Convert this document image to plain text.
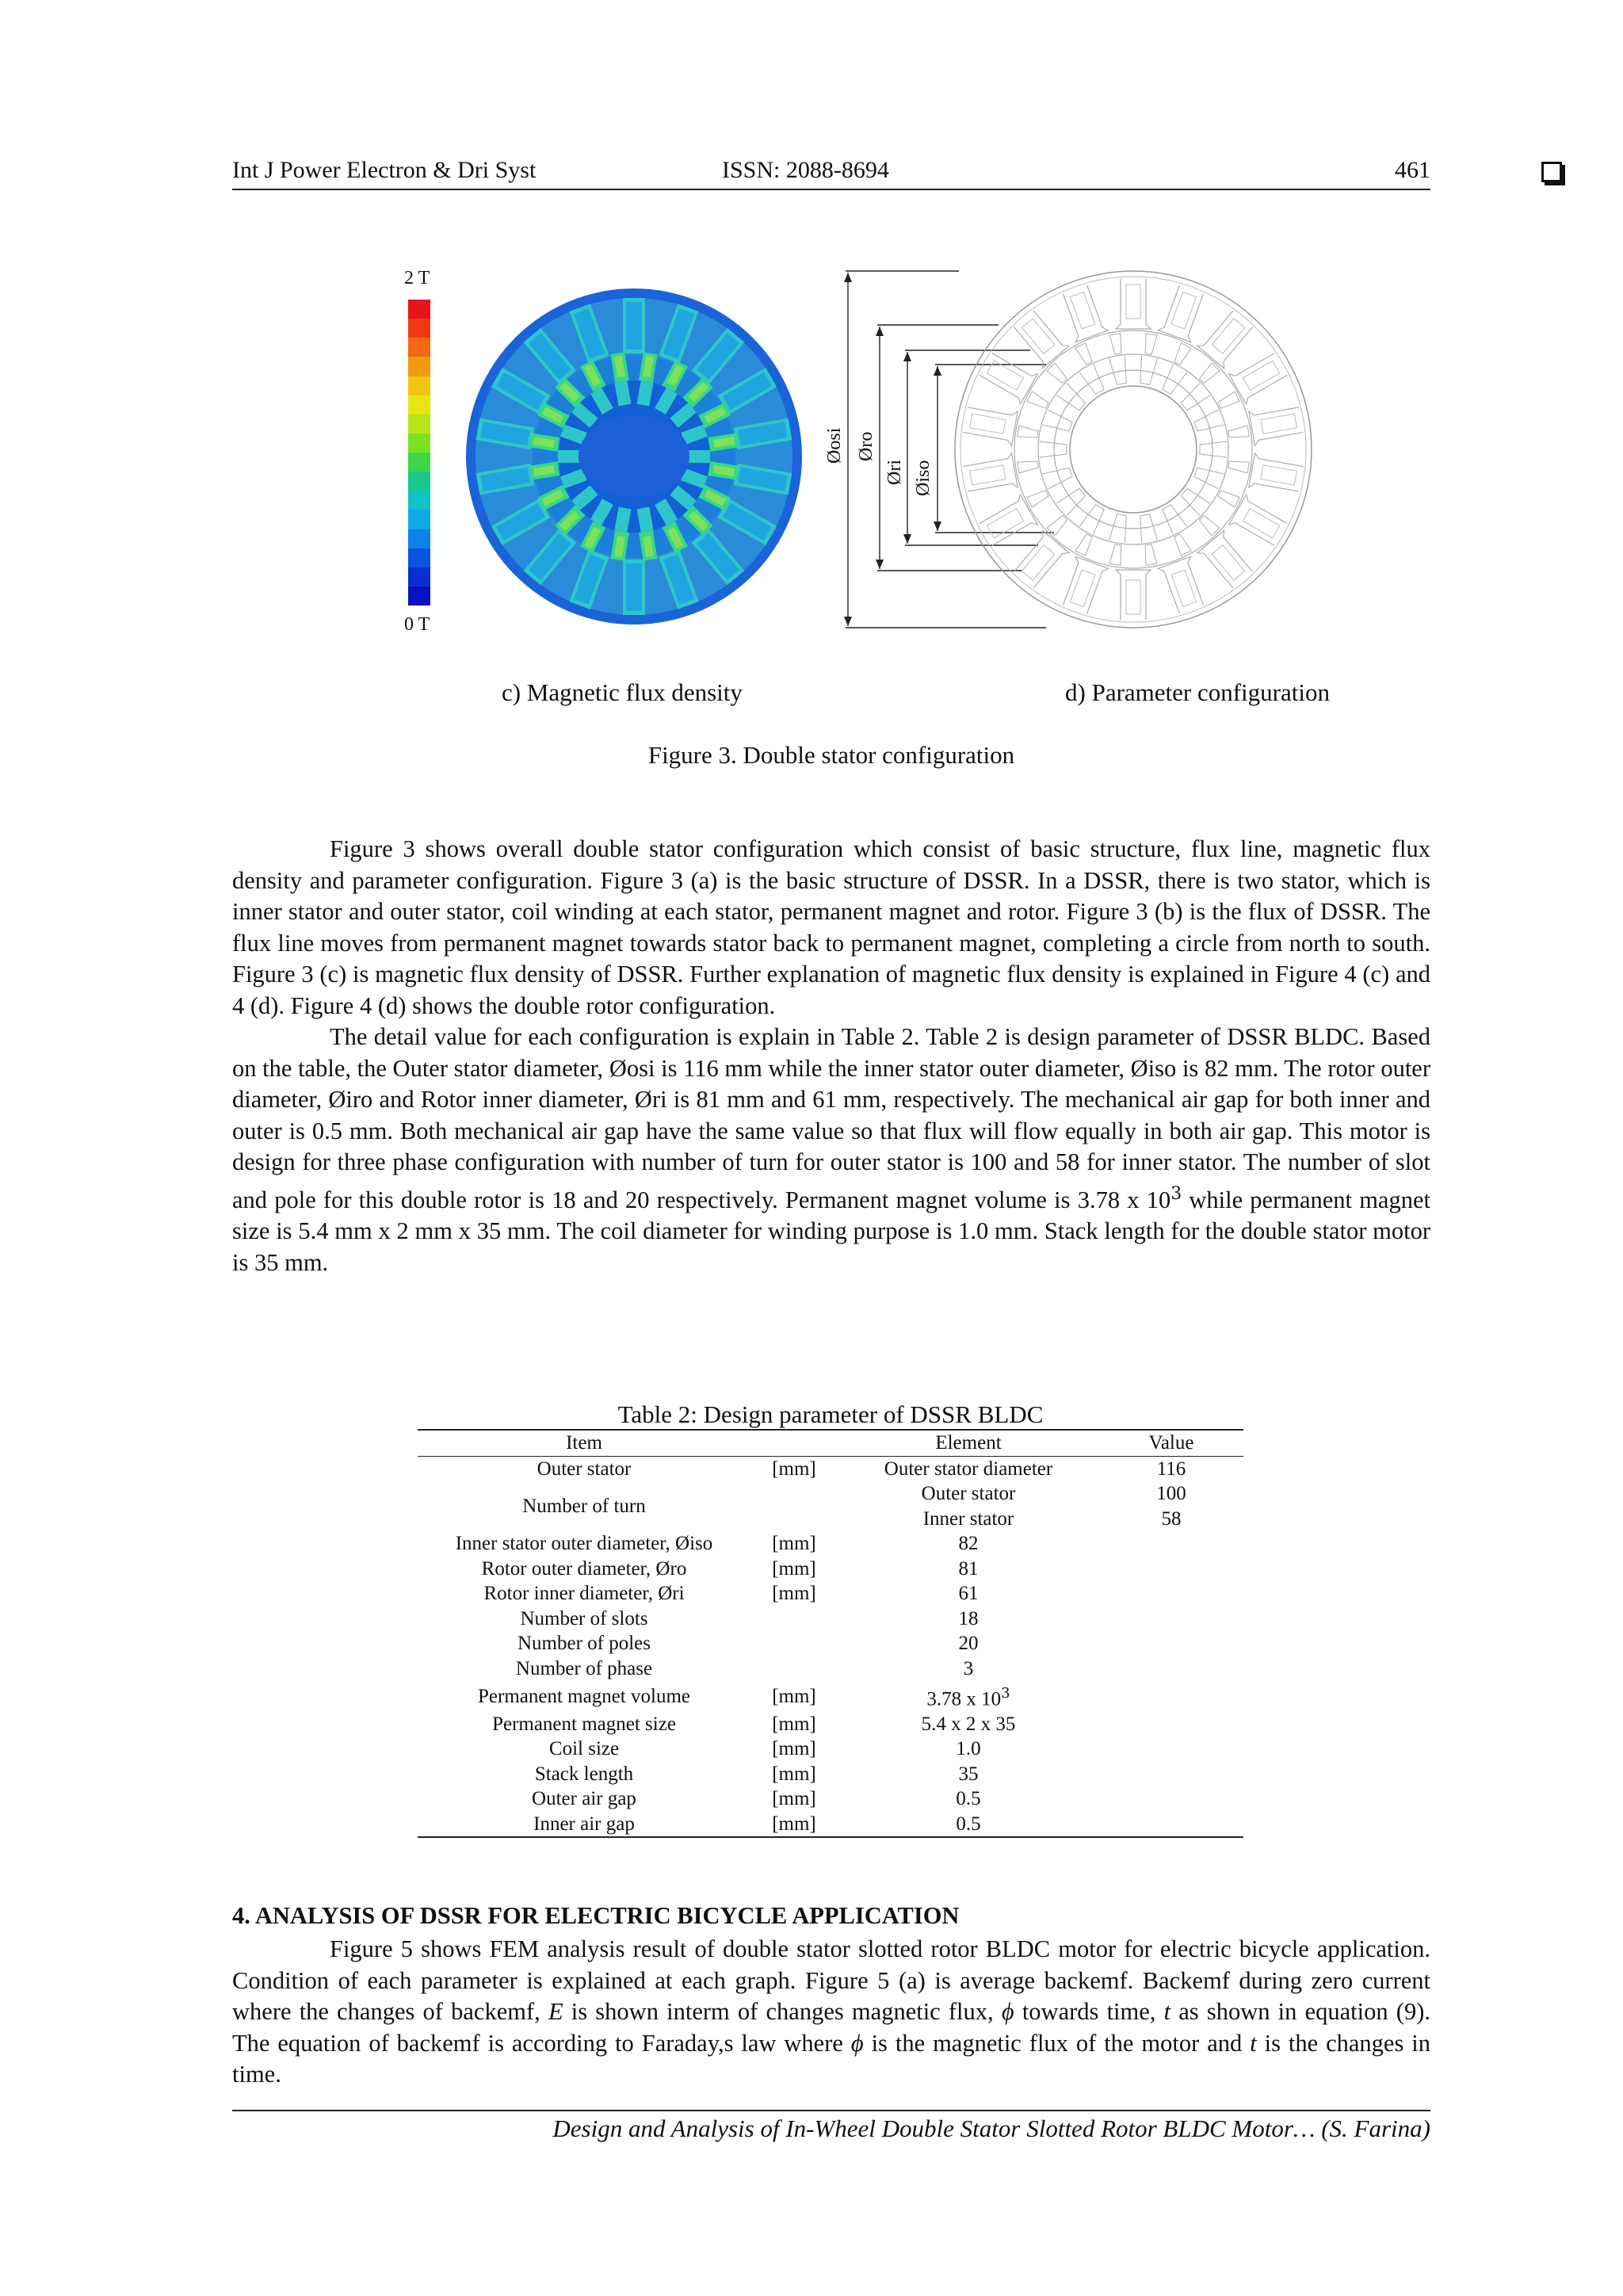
Int J Power Electron & Dri Syst	ISSN: 2088-8694	461
2 T
0 T
Øosi Øro
Øri Øiso
c) Magnetic flux density	d) Parameter configuration
Figure 3. Double stator configuration

Figure 3 shows overall double stator configuration which consist of basic structure, flux line, magnetic flux density and parameter configuration. Figure 3 (a) is the basic structure of DSSR. In a DSSR, there is two stator, which is inner stator and outer stator, coil winding at each stator, permanent magnet and rotor. Figure 3 (b) is the flux of DSSR. The flux line moves from permanent magnet towards stator back to permanent magnet, completing a circle from north to south. Figure 3 (c) is magnetic flux density of DSSR. Further explanation of magnetic flux density is explained in Figure 4 (c) and 4 (d). Figure 4 (d) shows the double rotor configuration.

The detail value for each configuration is explain in Table 2. Table 2 is design parameter of DSSR BLDC. Based on the table, the Outer stator diameter, Øosi is 116 mm while the inner stator outer diameter, Øiso is 82 mm. The rotor outer diameter, Øiro and Rotor inner diameter, Øri is 81 mm and 61 mm, respectively. The mechanical air gap for both inner and outer is 0.5 mm. Both mechanical air gap have the same value so that flux will flow equally in both air gap. This motor is design for three phase configuration with number of turn for outer stator is 100 and 58 for inner stator. The number of slot and pole for this double rotor is 18 and 20 respectively. Permanent magnet volume is 3.78 x $10^3$ while permanent magnet size is 5.4 mm x 2 mm x 35 mm. The coil diameter for winding purpose is 1.0 mm. Stack length for the double stator motor is 35 mm.

Table 2: Design parameter of DSSR BLDC
Item		Element	Value
Outer stator	[mm]	Outer stator diameter	116
Number of turn		Outer stator	100
		Inner stator	58
Inner stator outer diameter, Øiso	[mm]	82	
Rotor outer diameter, Øro	[mm]	81	
Rotor inner diameter, Øri	[mm]	61	
Number of slots		18	
Number of poles		20	
Number of phase		3	
Permanent magnet volume	[mm]	3.78 x $10^3$	
Permanent magnet size	[mm]	5.4 x 2 x 35	
Coil size	[mm]	1.0	
Stack length	[mm]	35	
Outer air gap	[mm]	0.5	
Inner air gap	[mm]	0.5	
4. ANALYSIS OF DSSR FOR ELECTRIC BICYCLE APPLICATION

Figure 5 shows FEM analysis result of double stator slotted rotor BLDC motor for electric bicycle application. Condition of each parameter is explained at each graph. Figure 5 (a) is average backemf. Backemf during zero current where the changes of backemf, E is shown interm of changes magnetic flux, ϕ towards time, t as shown in equation (9). The equation of backemf is according to Faraday,s law where ϕ is the magnetic flux of the motor and t is the changes in time.

Design and Analysis of In-Wheel Double Stator Slotted Rotor BLDC Motor… (S. Farina)
